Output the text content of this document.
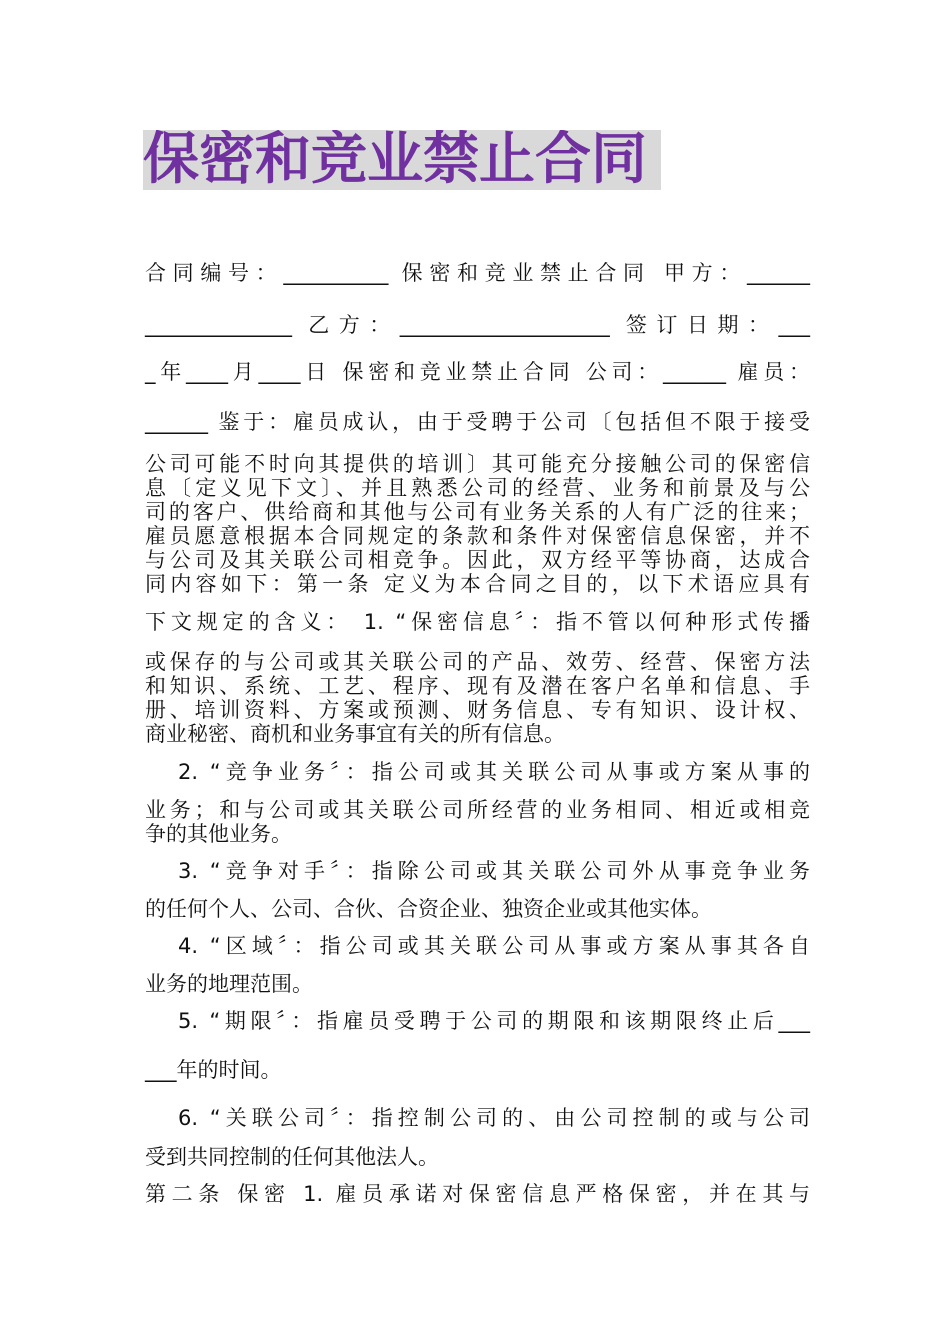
保密和竞业禁止合同
合同编号：__________ 保密和竞业禁止合同 甲方：______
______________ 乙方：____________________ 签订日期：___
_年____月____日 保密和竞业禁止合同 公司：______ 雇员：
______ 鉴于：雇员成认，由于受聘于公司〔包括但不限于接受
公司可能不时向其提供的培训〕其可能充分接触公司的保密信
息〔定义见下文〕、并且熟悉公司的经营、业务和前景及与公
司的客户、供给商和其他与公司有业务关系的人有广泛的往来；
雇员愿意根据本合同规定的条款和条件对保密信息保密，并不
与公司及其关联公司相竞争。因此，双方经平等协商，达成合
同内容如下：第一条 定义为本合同之目的，以下术语应具有
下文规定的含义： 1. “保密信息〞：指不管以何种形式传播
或保存的与公司或其关联公司的产品、效劳、经营、保密方法
和知识、系统、工艺、程序、现有及潜在客户名单和信息、手
册、培训资料、方案或预测、财务信息、专有知识、设计权、
商业秘密、商机和业务事宜有关的所有信息。
2. “竞争业务〞：指公司或其关联公司从事或方案从事的
业务；和与公司或其关联公司所经营的业务相同、相近或相竞
争的其他业务。
3. “竞争对手〞：指除公司或其关联公司外从事竞争业务
的任何个人、公司、合伙、合资企业、独资企业或其他实体。
4. “区域〞：指公司或其关联公司从事或方案从事其各自
业务的地理范围。
5. “期限〞：指雇员受聘于公司的期限和该期限终止后___
___年的时间。
6. “关联公司〞：指控制公司的、由公司控制的或与公司
受到共同控制的任何其他法人。
第二条 保密 1. 雇员承诺对保密信息严格保密，并在其与
